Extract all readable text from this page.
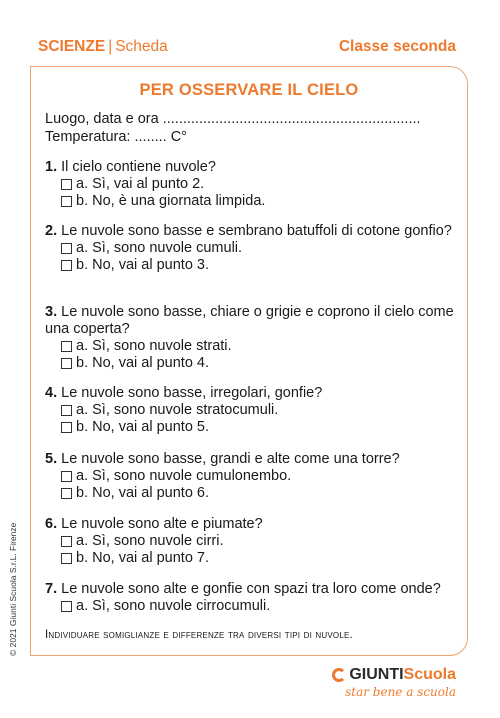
SCIENZE | Scheda	Classe seconda
PER OSSERVARE IL CIELO
Luogo, data e ora ................................................................
Temperatura: ........ C°
1. Il cielo contiene nuvole?
a. Sì, vai al punto 2.
b. No, è una giornata limpida.
2. Le nuvole sono basse e sembrano batuffoli di cotone gonfio?
a. Sì, sono nuvole cumuli.
b. No, vai al punto 3.
3. Le nuvole sono basse, chiare o grigie e coprono il cielo come una coperta?
a. Sì, sono nuvole strati.
b. No, vai al punto 4.
4. Le nuvole sono basse, irregolari, gonfie?
a. Sì, sono nuvole stratocumuli.
b. No, vai al punto 5.
5. Le nuvole sono basse, grandi e alte come una torre?
a. Sì, sono nuvole cumulonembo.
b. No, vai al punto 6.
6. Le nuvole sono alte e piumate?
a. Sì, sono nuvole cirri.
b. No, vai al punto 7.
7. Le nuvole sono alte e gonfie con spazi tra loro come onde?
a. Sì, sono nuvole cirrocumuli.
Individuare somiglianze e differenze tra diversi tipi di nuvole.
© 2021 Giunti Scuola S.r.L. Firenze
GIUNTI Scuola
star bene a scuola
